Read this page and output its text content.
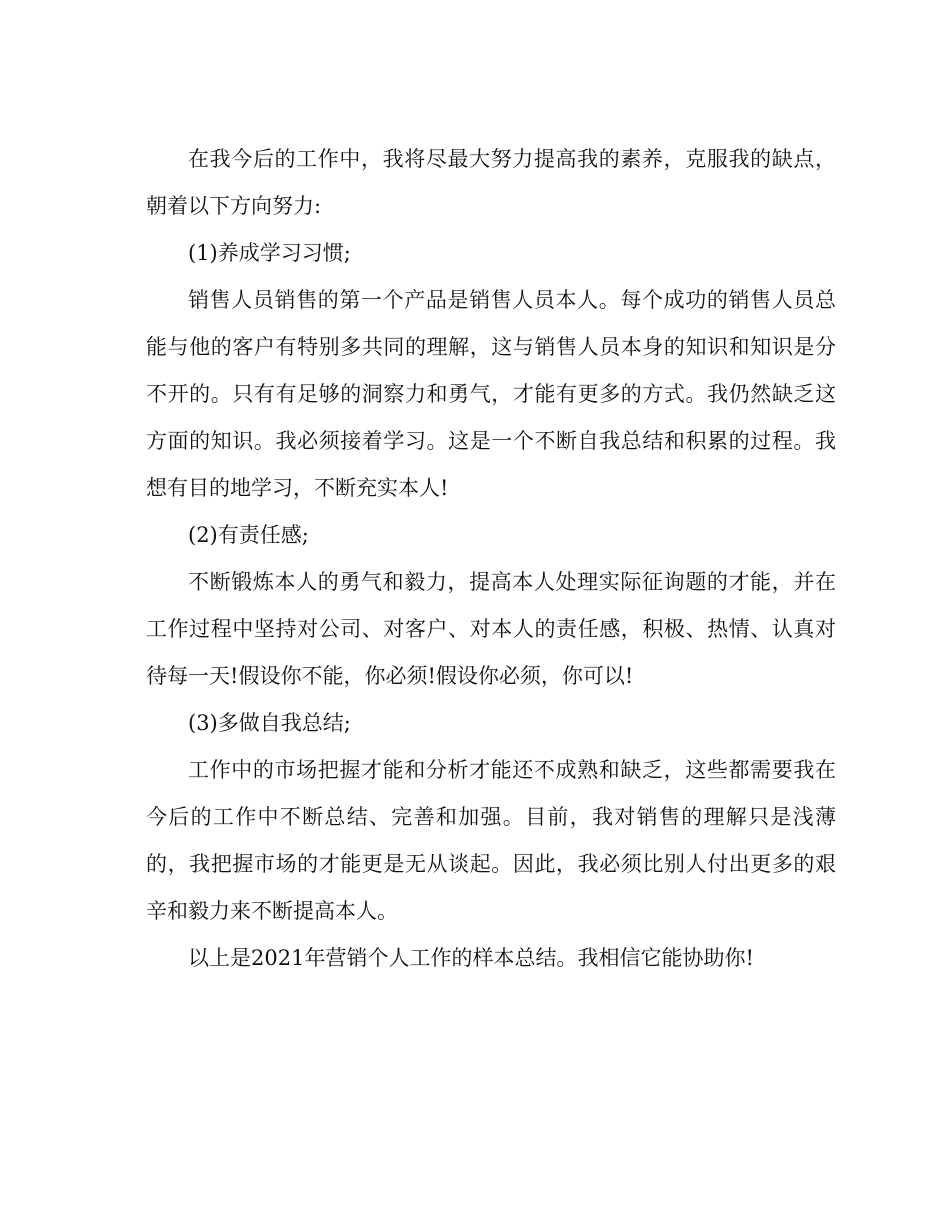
在我今后的工作中，我将尽最大努力提高我的素养，克服我的缺点，朝着以下方向努力:

(1)养成学习习惯;

销售人员销售的第一个产品是销售人员本人。每个成功的销售人员总能与他的客户有特别多共同的理解，这与销售人员本身的知识和知识是分不开的。只有有足够的洞察力和勇气，才能有更多的方式。我仍然缺乏这方面的知识。我必须接着学习。这是一个不断自我总结和积累的过程。我想有目的地学习，不断充实本人!

(2)有责任感;

不断锻炼本人的勇气和毅力，提高本人处理实际征询题的才能，并在工作过程中坚持对公司、对客户、对本人的责任感，积极、热情、认真对待每一天!假设你不能，你必须!假设你必须，你可以!

(3)多做自我总结;

工作中的市场把握才能和分析才能还不成熟和缺乏，这些都需要我在今后的工作中不断总结、完善和加强。目前，我对销售的理解只是浅薄的，我把握市场的才能更是无从谈起。因此，我必须比别人付出更多的艰辛和毅力来不断提高本人。

以上是2021年营销个人工作的样本总结。我相信它能协助你!
